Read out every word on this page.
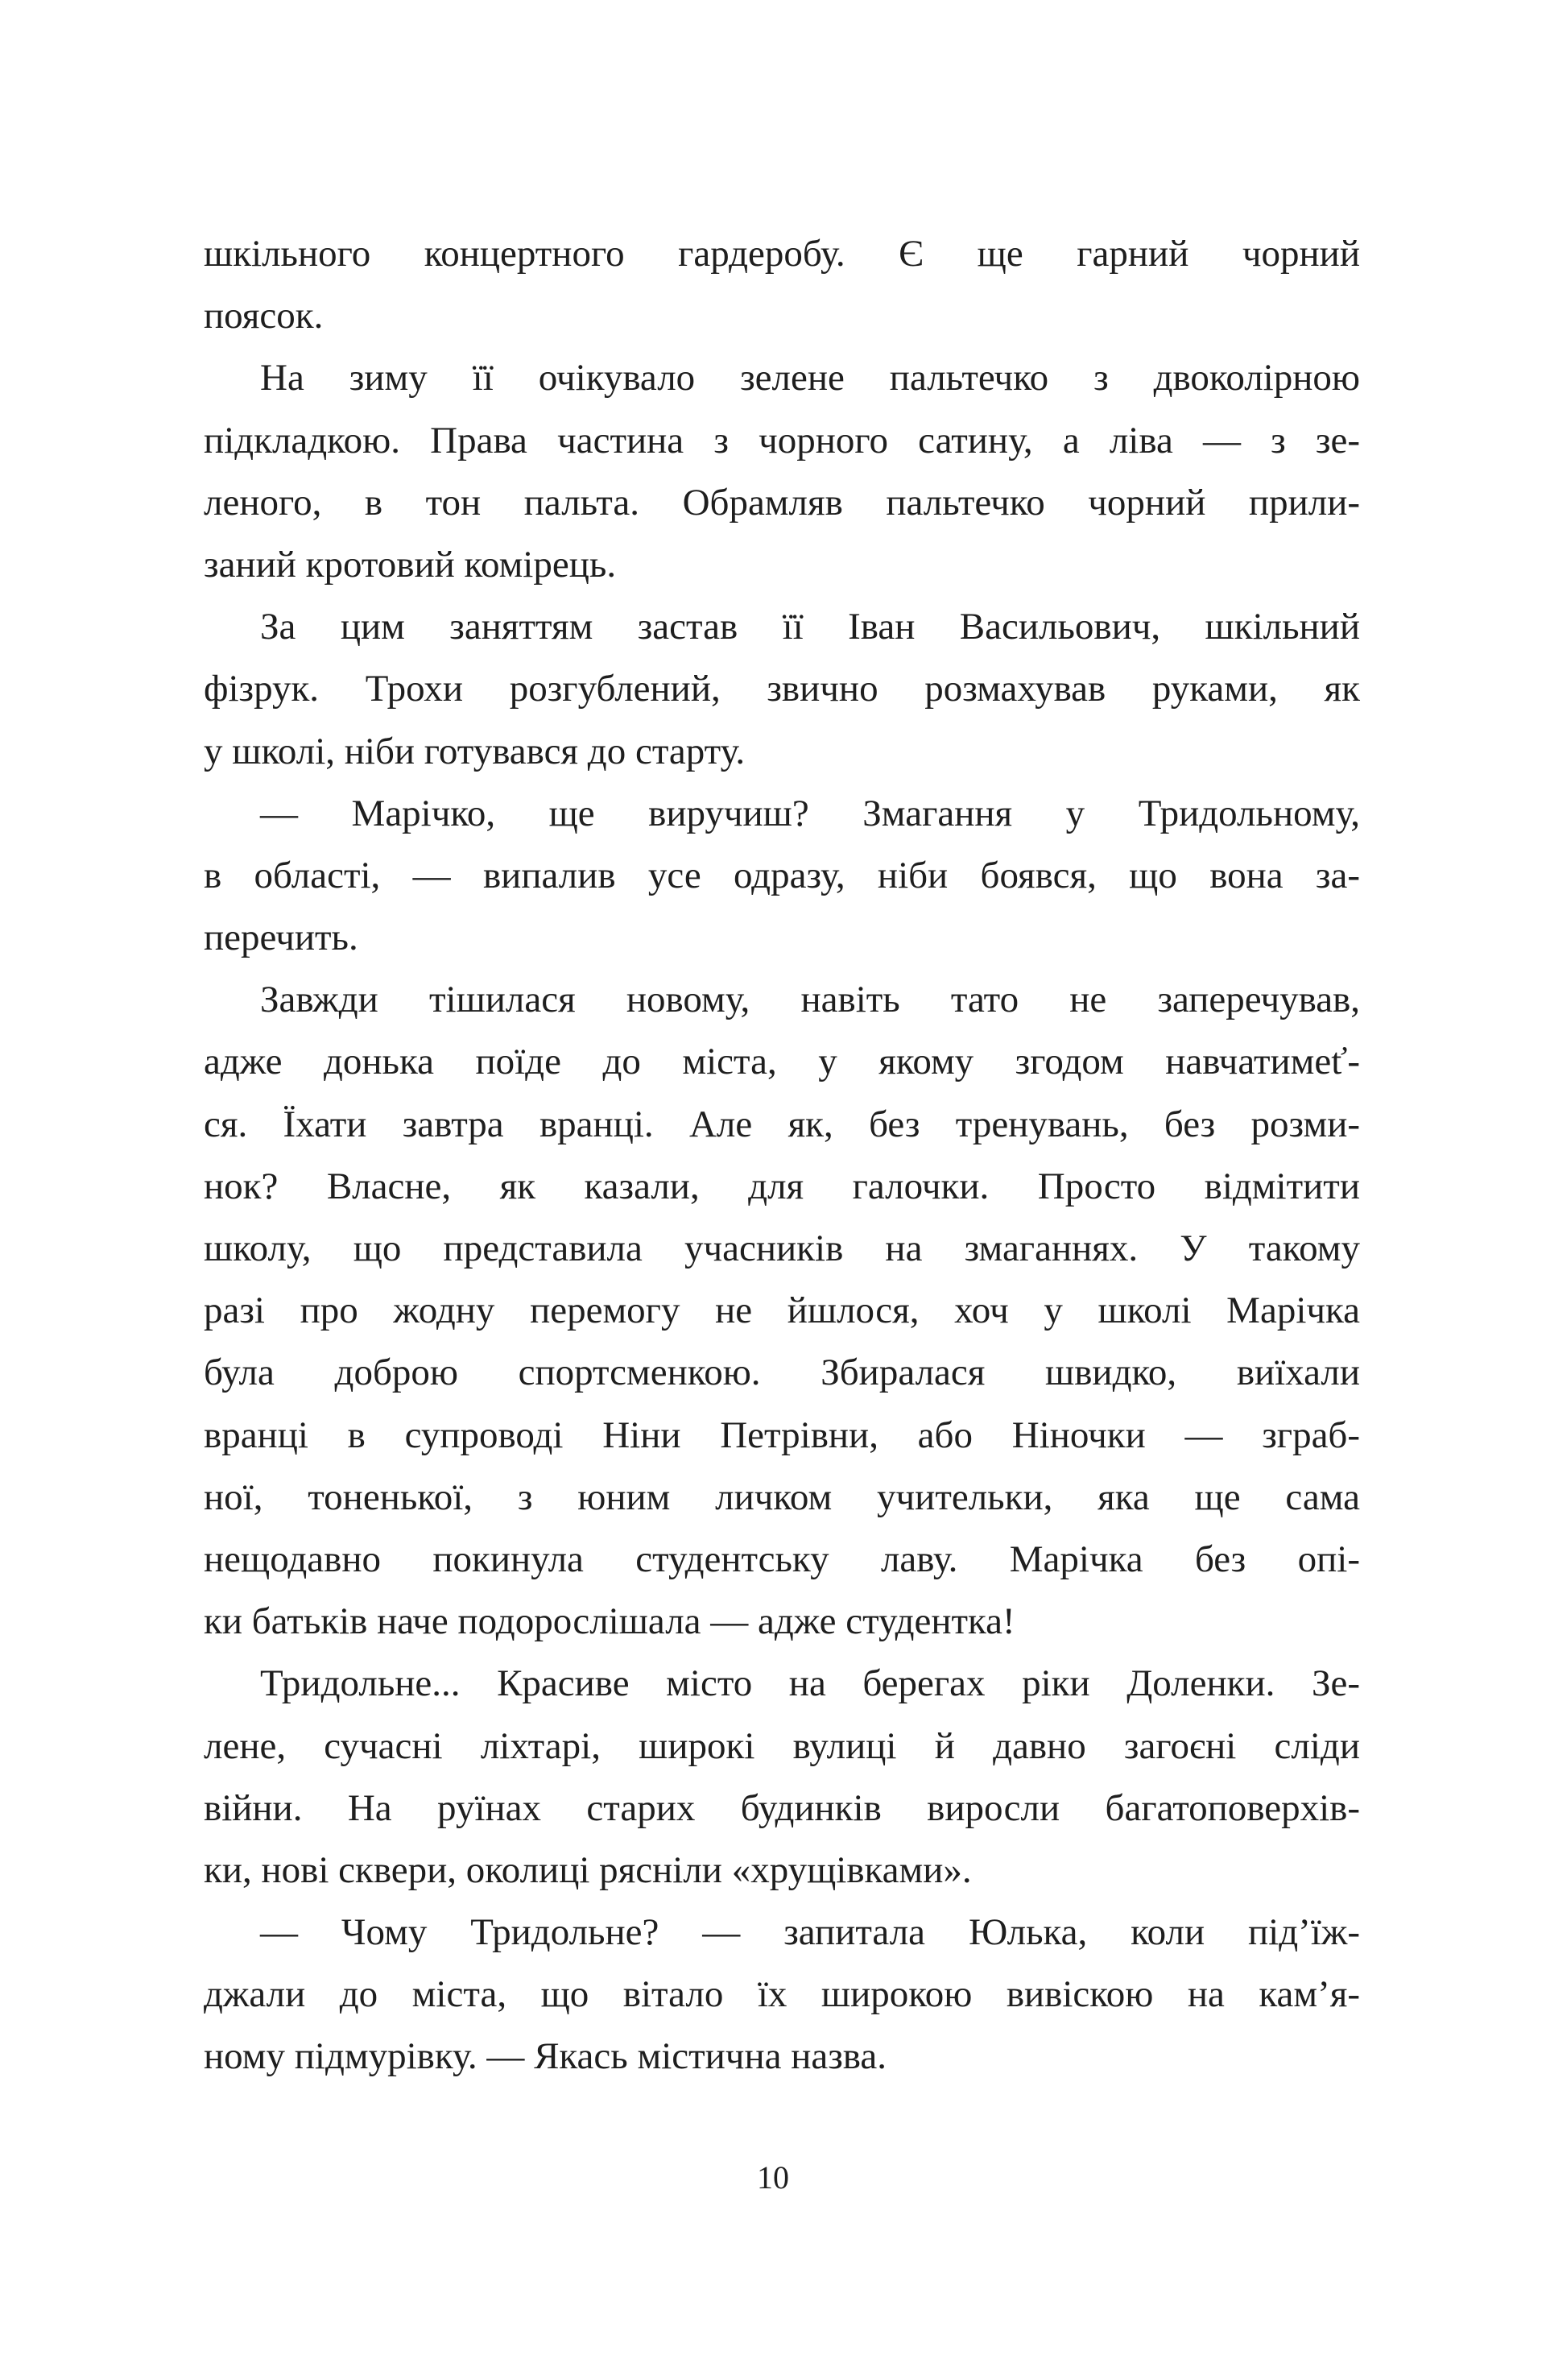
шкільного концертного гардеробу. Є ще гарний чорний
поясок.
На зиму її очікувало зелене пальтечко з двоколірною
підкладкою. Права частина з чорного сатину, а ліва — з зе-
леного, в тон пальта. Обрамляв пальтечко чорний прили-
заний кротовий комірець.
За цим заняттям застав її Іван Васильович, шкільний
фізрук. Трохи розгублений, звично розмахував руками, як
у школі, ніби готувався до старту.
— Марічко, ще виручиш? Змагання у Тридольному,
в області, — випалив усе одразу, ніби боявся, що вона за-
перечить.
Завжди тішилася новому, навіть тато не заперечував,
адже донька поїде до міста, у якому згодом навчатимеť-
ся. Їхати завтра вранці. Але як, без тренувань, без розми-
нок? Власне, як казали, для галочки. Просто відмітити
школу, що представила учасників на змаганнях. У такому
разі про жодну перемогу не йшлося, хоч у школі Марічка
була доброю спортсменкою. Збиралася швидко, виїхали
вранці в супроводі Ніни Петрівни, або Ніночки — зграб-
ної, тоненької, з юним личком учительки, яка ще сама
нещодавно покинула студентську лаву. Марічка без опі-
ки батьків наче подорослішала — адже студентка!
Тридольне... Красиве місто на берегах ріки Доленки. Зе-
лене, сучасні ліхтарі, широкі вулиці й давно загоєні сліди
війни. На руїнах старих будинків виросли багатоповерхів-
ки, нові сквери, околиці рясніли «хрущівками».
— Чому Тридольне? — запитала Юлька, коли під’їж-
джали до міста, що вітало їх широкою вивіскою на кам’я-
ному підмурівку. — Якась містична назва.
10
